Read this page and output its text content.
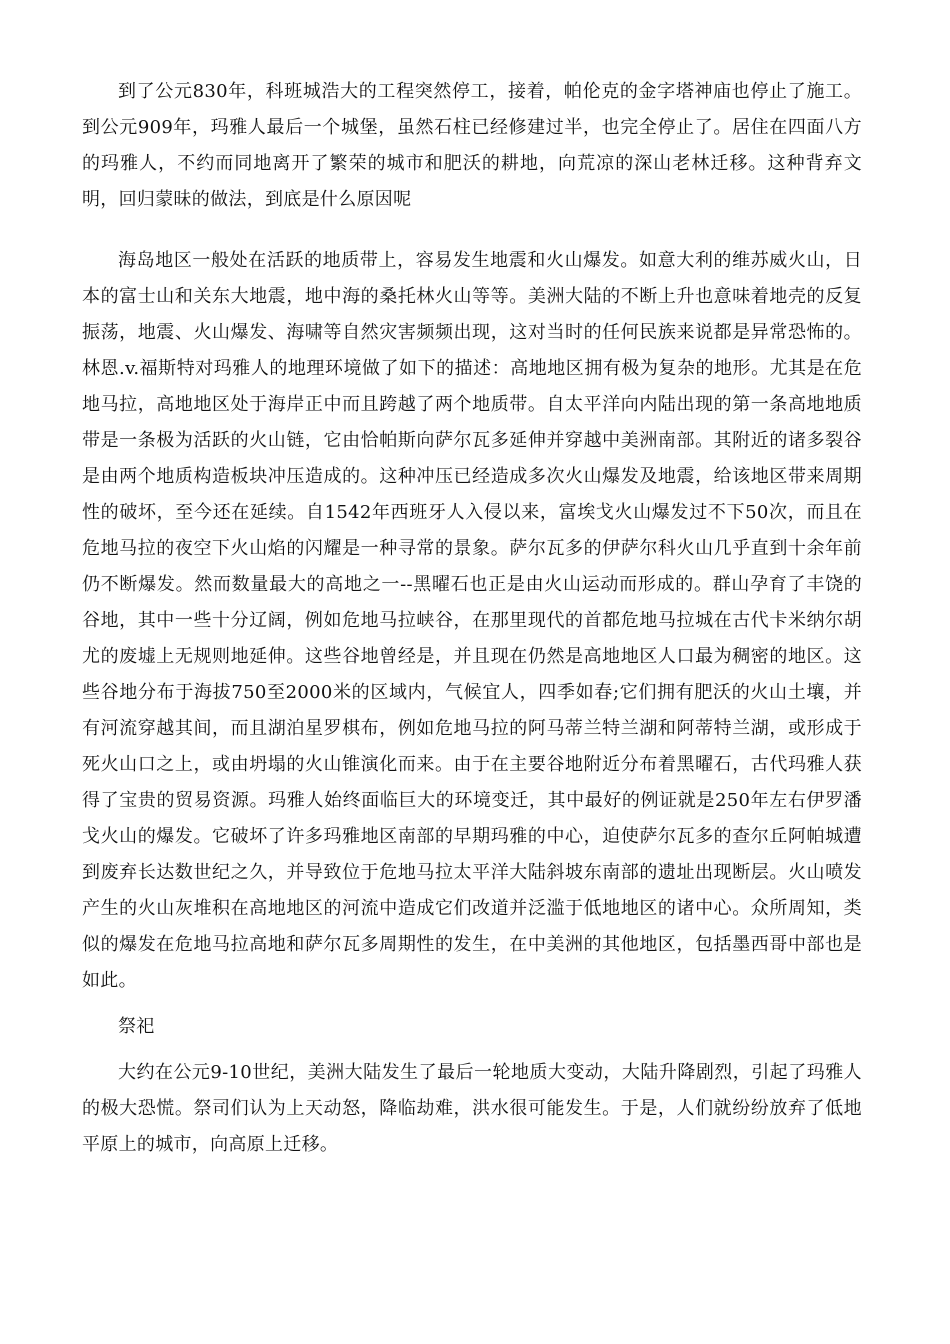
到了公元830年，科班城浩大的工程突然停工，接着，帕伦克的金字塔神庙也停止了施工。到公元909年，玛雅人最后一个城堡，虽然石柱已经修建过半，也完全停止了。居住在四面八方的玛雅人，不约而同地离开了繁荣的城市和肥沃的耕地，向荒凉的深山老林迁移。这种背弃文明，回归蒙昧的做法，到底是什么原因呢

海岛地区一般处在活跃的地质带上，容易发生地震和火山爆发。如意大利的维苏威火山，日本的富士山和关东大地震，地中海的桑托林火山等等。美洲大陆的不断上升也意味着地壳的反复振荡，地震、火山爆发、海啸等自然灾害频频出现，这对当时的任何民族来说都是异常恐怖的。林恩.v.福斯特对玛雅人的地理环境做了如下的描述：高地地区拥有极为复杂的地形。尤其是在危地马拉，高地地区处于海岸正中而且跨越了两个地质带。自太平洋向内陆出现的第一条高地地质带是一条极为活跃的火山链，它由恰帕斯向萨尔瓦多延伸并穿越中美洲南部。其附近的诸多裂谷是由两个地质构造板块冲压造成的。这种冲压已经造成多次火山爆发及地震，给该地区带来周期性的破坏，至今还在延续。自1542年西班牙人入侵以来，富埃戈火山爆发过不下50次，而且在危地马拉的夜空下火山焰的闪耀是一种寻常的景象。萨尔瓦多的伊萨尔科火山几乎直到十余年前仍不断爆发。然而数量最大的高地之一--黑曜石也正是由火山运动而形成的。群山孕育了丰饶的谷地，其中一些十分辽阔，例如危地马拉峡谷，在那里现代的首都危地马拉城在古代卡米纳尔胡尤的废墟上无规则地延伸。这些谷地曾经是，并且现在仍然是高地地区人口最为稠密的地区。这些谷地分布于海拔750至2000米的区域内，气候宜人，四季如春;它们拥有肥沃的火山土壤，并有河流穿越其间，而且湖泊星罗棋布，例如危地马拉的阿马蒂兰特兰湖和阿蒂特兰湖，或形成于死火山口之上，或由坍塌的火山锥演化而来。由于在主要谷地附近分布着黑曜石，古代玛雅人获得了宝贵的贸易资源。玛雅人始终面临巨大的环境变迁，其中最好的例证就是250年左右伊罗潘戈火山的爆发。它破坏了许多玛雅地区南部的早期玛雅的中心，迫使萨尔瓦多的查尔丘阿帕城遭到废弃长达数世纪之久，并导致位于危地马拉太平洋大陆斜坡东南部的遗址出现断层。火山喷发产生的火山灰堆积在高地地区的河流中造成它们改道并泛滥于低地地区的诸中心。众所周知，类似的爆发在危地马拉高地和萨尔瓦多周期性的发生，在中美洲的其他地区，包括墨西哥中部也是如此。

祭祀

大约在公元9-10世纪，美洲大陆发生了最后一轮地质大变动，大陆升降剧烈，引起了玛雅人的极大恐慌。祭司们认为上天动怒，降临劫难，洪水很可能发生。于是，人们就纷纷放弃了低地平原上的城市，向高原上迁移。
